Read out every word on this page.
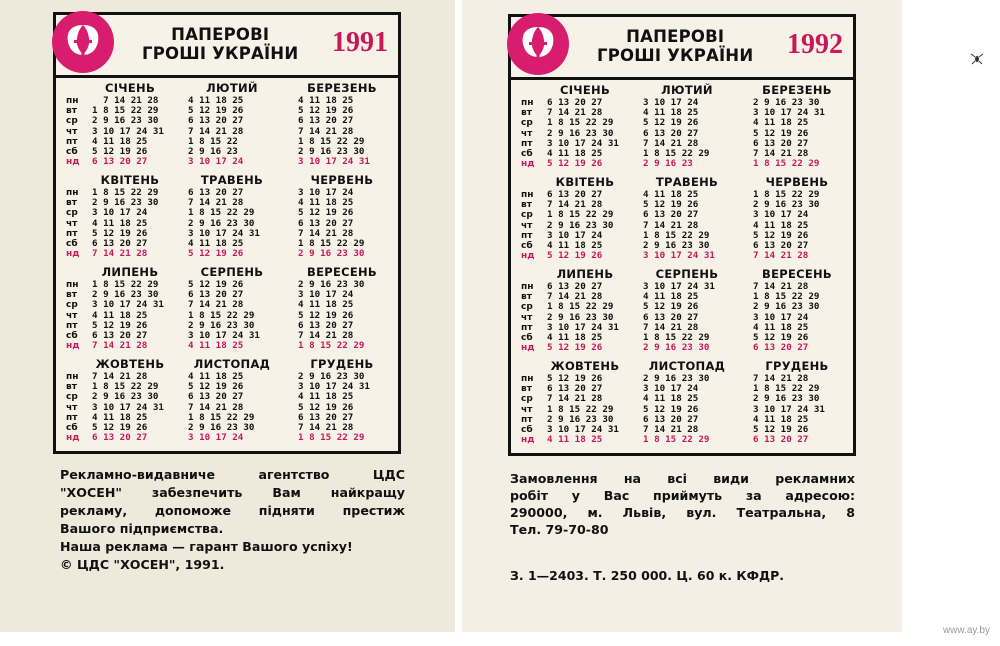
ПАПЕРОВІ
ГРОШІ УКРАЇНИ 1991
СІЧЕНЬ
пн
вт
ср
чт
пт
сб
нд
7 14 21 28
1 8 15 22 29
2 9 16 23 30
3 10 17 24 31
4 11 18 25
5 12 19 26
6 13 20 27
ЛЮТИЙ
4 11 18 25
5 12 19 26
6 13 20 27
7 14 21 28
1 8 15 22
2 9 16 23
3 10 17 24
БЕРЕЗЕНЬ
4 11 18 25
5 12 19 26
6 13 20 27
7 14 21 28
1 8 15 22 29
2 9 16 23 30
3 10 17 24 31
КВІТЕНЬ
пн
вт
ср
чт
пт
сб
нд
1 8 15 22 29
2 9 16 23 30
3 10 17 24
4 11 18 25
5 12 19 26
6 13 20 27
7 14 21 28
ТРАВЕНЬ
6 13 20 27
7 14 21 28
1 8 15 22 29
2 9 16 23 30
3 10 17 24 31
4 11 18 25
5 12 19 26
ЧЕРВЕНЬ
3 10 17 24
4 11 18 25
5 12 19 26
6 13 20 27
7 14 21 28
1 8 15 22 29
2 9 16 23 30
ЛИПЕНЬ
пн
вт
ср
чт
пт
сб
нд
1 8 15 22 29
2 9 16 23 30
3 10 17 24 31
4 11 18 25
5 12 19 26
6 13 20 27
7 14 21 28
СЕРПЕНЬ
5 12 19 26
6 13 20 27
7 14 21 28
1 8 15 22 29
2 9 16 23 30
3 10 17 24 31
4 11 18 25
ВЕРЕСЕНЬ
2 9 16 23 30
3 10 17 24
4 11 18 25
5 12 19 26
6 13 20 27
7 14 21 28
1 8 15 22 29
ЖОВТЕНЬ
пн
вт
ср
чт
пт
сб
нд
7 14 21 28
1 8 15 22 29
2 9 16 23 30
3 10 17 24 31
4 11 18 25
5 12 19 26
6 13 20 27
ЛИСТОПАД
4 11 18 25
5 12 19 26
6 13 20 27
7 14 21 28
1 8 15 22 29
2 9 16 23 30
3 10 17 24
ГРУДЕНЬ
2 9 16 23 30
3 10 17 24 31
4 11 18 25
5 12 19 26
6 13 20 27
7 14 21 28
1 8 15 22 29
Рекламно-видавниче агентство ЦДС
"ХОСЕН" забезпечить Вам найкращу
рекламу, допоможе підняти престиж
Вашого підприємства.
Наша реклама — гарант Вашого успіху!
© ЦДС "ХОСЕН", 1991.
ПАПЕРОВІ
ГРОШІ УКРАЇНИ 1992
СІЧЕНЬ
пн
вт
ср
чт
пт
сб
нд
6 13 20 27
7 14 21 28
1 8 15 22 29
2 9 16 23 30
3 10 17 24 31
4 11 18 25
5 12 19 26
ЛЮТИЙ
3 10 17 24
4 11 18 25
5 12 19 26
6 13 20 27
7 14 21 28
1 8 15 22 29
2 9 16 23
БЕРЕЗЕНЬ
2 9 16 23 30
3 10 17 24 31
4 11 18 25
5 12 19 26
6 13 20 27
7 14 21 28
1 8 15 22 29
КВІТЕНЬ
пн
вт
ср
чт
пт
сб
нд
6 13 20 27
7 14 21 28
1 8 15 22 29
2 9 16 23 30
3 10 17 24
4 11 18 25
5 12 19 26
ТРАВЕНЬ
4 11 18 25
5 12 19 26
6 13 20 27
7 14 21 28
1 8 15 22 29
2 9 16 23 30
3 10 17 24 31
ЧЕРВЕНЬ
1 8 15 22 29
2 9 16 23 30
3 10 17 24
4 11 18 25
5 12 19 26
6 13 20 27
7 14 21 28
ЛИПЕНЬ
пн
вт
ср
чт
пт
сб
нд
6 13 20 27
7 14 21 28
1 8 15 22 29
2 9 16 23 30
3 10 17 24 31
4 11 18 25
5 12 19 26
СЕРПЕНЬ
3 10 17 24 31
4 11 18 25
5 12 19 26
6 13 20 27
7 14 21 28
1 8 15 22 29
2 9 16 23 30
ВЕРЕСЕНЬ
7 14 21 28
1 8 15 22 29
2 9 16 23 30
3 10 17 24
4 11 18 25
5 12 19 26
6 13 20 27
ЖОВТЕНЬ
пн
вт
ср
чт
пт
сб
нд
5 12 19 26
6 13 20 27
7 14 21 28
1 8 15 22 29
2 9 16 23 30
3 10 17 24 31
4 11 18 25
ЛИСТОПАД
2 9 16 23 30
3 10 17 24
4 11 18 25
5 12 19 26
6 13 20 27
7 14 21 28
1 8 15 22 29
ГРУДЕНЬ
7 14 21 28
1 8 15 22 29
2 9 16 23 30
3 10 17 24 31
4 11 18 25
5 12 19 26
6 13 20 27
Замовлення на всі види рекламних
робіт у Вас приймуть за адресою:
290000, м. Львів, вул. Театральна, 8
Тел. 79-70-80
З. 1—2403. Т. 250 000. Ц. 60 к. КФДР.
www.ay.by
